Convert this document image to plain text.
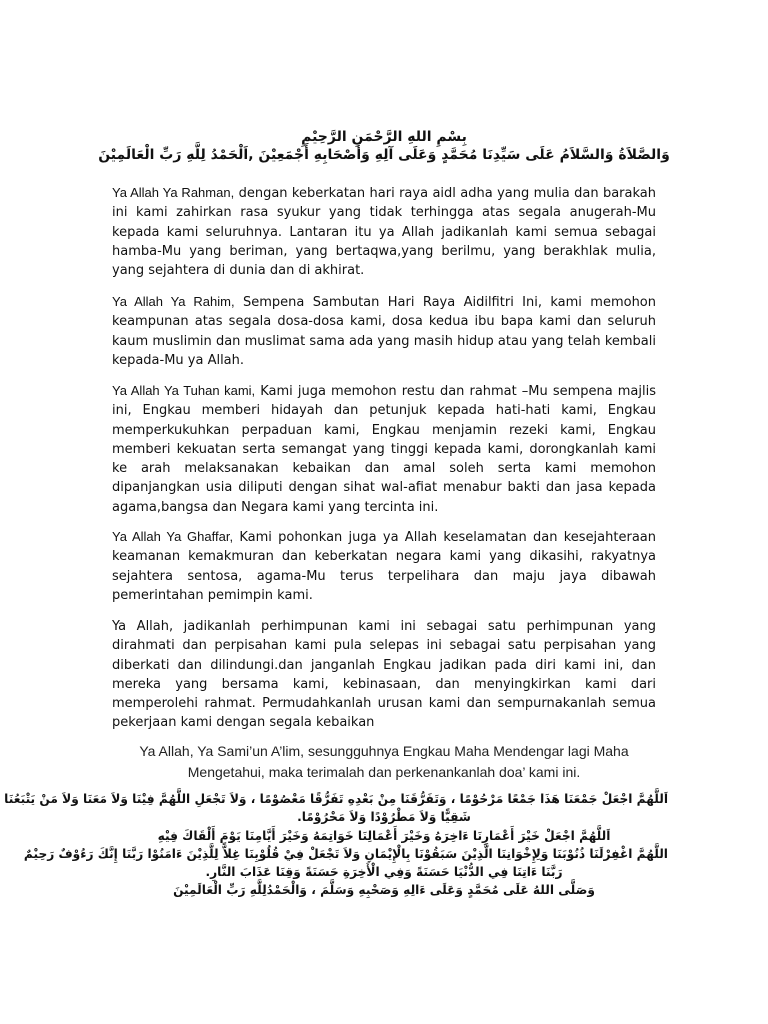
بِسْمِ اللهِ الرَّحْمَنِ الرَّحِيْمِ
وَالصَّلاَةُ وَالسَّلاَمُ عَلَى سَيِّدِنَا مُحَمَّدٍ وَعَلَى آلِهِ وَأَصْحَابِهِ أَجْمَعِيْنَ ,اَلْحَمْدُ لِلَّهِ رَبِّ الْعَالَمِيْنَ

Ya Allah Ya Rahman, dengan keberkatan hari raya aidl adha yang mulia dan barakah ini kami zahirkan rasa syukur yang tidak terhingga atas segala anugerah-Mu kepada kami seluruhnya. Lantaran itu ya Allah jadikanlah kami semua sebagai hamba-Mu yang beriman, yang bertaqwa,yang berilmu, yang berakhlak mulia, yang sejahtera di dunia dan di akhirat.

Ya Allah Ya Rahim, Sempena Sambutan Hari Raya Aidilfitri Ini, kami memohon keampunan atas segala dosa-dosa kami, dosa kedua ibu bapa kami dan seluruh kaum muslimin dan muslimat sama ada yang masih hidup atau yang telah kembali kepada-Mu ya Allah.

Ya Allah Ya Tuhan kami, Kami juga memohon restu dan rahmat –Mu sempena majlis ini, Engkau memberi hidayah dan petunjuk kepada hati-hati kami, Engkau memperkukuhkan perpaduan kami, Engkau menjamin rezeki kami, Engkau memberi kekuatan serta semangat yang tinggi kepada kami, dorongkanlah kami ke arah melaksanakan kebaikan dan amal soleh serta kami memohon dipanjangkan usia diliputi dengan sihat wal-afiat menabur bakti dan jasa kepada agama,bangsa dan Negara kami yang tercinta ini.

Ya Allah Ya Ghaffar, Kami pohonkan juga ya Allah keselamatan dan kesejahteraan keamanan kemakmuran dan keberkatan negara kami yang dikasihi, rakyatnya sejahtera sentosa, agama-Mu terus terpelihara dan maju jaya dibawah pemerintahan pemimpin kami.

Ya Allah, jadikanlah perhimpunan kami ini sebagai satu perhimpunan yang dirahmati dan perpisahan kami pula selepas ini sebagai satu perpisahan yang diberkati dan dilindungi.dan janganlah Engkau jadikan pada diri kami ini, dan mereka yang bersama kami, kebinasaan, dan menyingkirkan kami dari memperolehi rahmat. Permudahkanlah urusan kami dan sempurnakanlah semua pekerjaan kami dengan segala kebaikan

Ya Allah, Ya Sami’un A’lim, sesungguhnya Engkau Maha Mendengar lagi Maha
Mengetahui, maka terimalah dan perkenankanlah doa’ kami ini.
اَللَّهُمَّ اجْعَلْ جَمْعَنَا هَذَا جَمْعًا مَرْحُوْمًا ، وَتَفَرُّقَنَا مِنْ بَعْدِهِ تَفَرُّقًا مَعْصُوْمًا ، وَلاَ تَجْعَلِ اللَّهُمَّ فِيْنَا وَلاَ مَعَنَا وَلاَ مَنْ يَتْبَعُنَا
شَقِيًّا وَلاَ مَطْرُوْدًا وَلاَ مَحْرُوْمًا.
اَللَّهُمَّ اجْعَلْ خَيْرَ أَعْمَارِنَا ءَاخِرَهُ وَخَيْرَ أَعْمَالِنَا خَوَاتِمَهُ وَخَيْرَ أَيَّامِنَا يَوْمَ أَلْقَاكَ فِيْهِ
اللَّهُمَّ اغْفِرْلَنَا ذُنُوْبَنَا وَلِإِخْوَانِنَا الَّذِيْنَ سَبَقُوْنَا بِالْإِيْمَانِ وَلاَ تَجْعَلْ فِيْ قُلُوْبِنَا غِلاًّ لِلَّذِيْنَ ءَامَنُوْا رَبَّنَا إِنَّكَ رَءُوْفٌ رَحِيْمٌ
رَبَّنَا ءَاتِنَا فِي الدُّنْيَا حَسَنَةً وَفِي الْأَخِرَةِ حَسَنَةً وَقِنَا عَذَابَ النَّارِ.
وَصَلَّى اللهُ عَلَى مُحَمَّدٍ وَعَلَى ءَالِهِ وَصَحْبِهِ وَسَلَّمَ ، وَالْحَمْدُلِلَّهِ رَبِّ الْعَالَمِيْنَ
